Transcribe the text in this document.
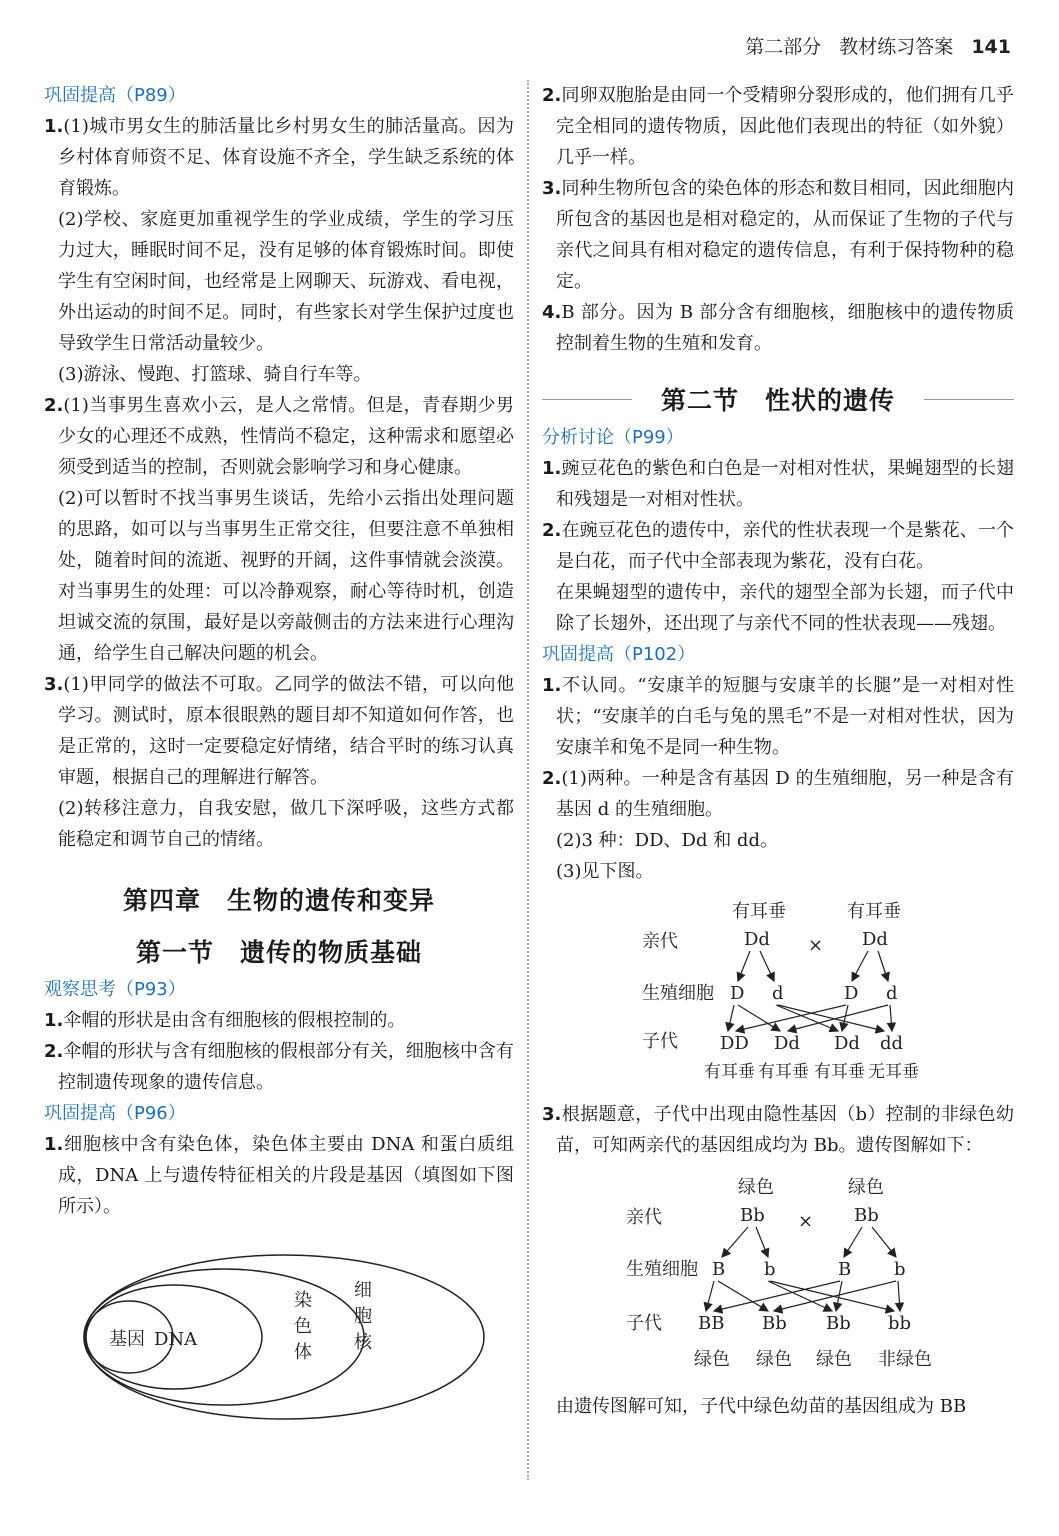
第二部分 教材练习答案 141
巩固提高（P89）

1.(1)城市男女生的肺活量比乡村男女生的肺活量高。因为乡村体育师资不足、体育设施不齐全，学生缺乏系统的体育锻炼。

(2)学校、家庭更加重视学生的学业成绩，学生的学习压力过大，睡眠时间不足，没有足够的体育锻炼时间。即使学生有空闲时间，也经常是上网聊天、玩游戏、看电视，外出运动的时间不足。同时，有些家长对学生保护过度也导致学生日常活动量较少。

(3)游泳、慢跑、打篮球、骑自行车等。

2.(1)当事男生喜欢小云，是人之常情。但是，青春期少男少女的心理还不成熟，性情尚不稳定，这种需求和愿望必须受到适当的控制，否则就会影响学习和身心健康。

(2)可以暂时不找当事男生谈话，先给小云指出处理问题的思路，如可以与当事男生正常交往，但要注意不单独相处，随着时间的流逝、视野的开阔，这件事情就会淡漠。对当事男生的处理：可以冷静观察，耐心等待时机，创造坦诚交流的氛围，最好是以旁敲侧击的方法来进行心理沟通，给学生自己解决问题的机会。

3.(1)甲同学的做法不可取。乙同学的做法不错，可以向他学习。测试时，原本很眼熟的题目却不知道如何作答，也是正常的，这时一定要稳定好情绪，结合平时的练习认真审题，根据自己的理解进行解答。

(2)转移注意力，自我安慰，做几下深呼吸，这些方式都能稳定和调节自己的情绪。

第四章　生物的遗传和变异
第一节　遗传的物质基础
观察思考（P93）

1.伞帽的形状是由含有细胞核的假根控制的。

2.伞帽的形状与含有细胞核的假根部分有关，细胞核中含有控制遗传现象的遗传信息。

巩固提高（P96）

1.细胞核中含有染色体，染色体主要由 DNA 和蛋白质组成，DNA 上与遗传特征相关的片段是基因（填图如下图所示）。

基因 DNA
染
色
体
细
胞
核

2.同卵双胞胎是由同一个受精卵分裂形成的，他们拥有几乎完全相同的遗传物质，因此他们表现出的特征（如外貌）几乎一样。

3.同种生物所包含的染色体的形态和数目相同，因此细胞内所包含的基因也是相对稳定的，从而保证了生物的子代与亲代之间具有相对稳定的遗传信息，有利于保持物种的稳定。

4.B 部分。因为 B 部分含有细胞核，细胞核中的遗传物质控制着生物的生殖和发育。

第二节　性状的遗传
分析讨论（P99）

1.豌豆花色的紫色和白色是一对相对性状，果蝇翅型的长翅和残翅是一对相对性状。

2.在豌豆花色的遗传中，亲代的性状表现一个是紫花、一个是白花，而子代中全部表现为紫花，没有白花。

在果蝇翅型的遗传中，亲代的翅型全部为长翅，而子代中除了长翅外，还出现了与亲代不同的性状表现——残翅。

巩固提高（P102）

1.不认同。“安康羊的短腿与安康羊的长腿”是一对相对性状；“安康羊的白毛与兔的黑毛”不是一对相对性状，因为安康羊和兔不是同一种生物。

2.(1)两种。一种是含有基因 D 的生殖细胞，另一种是含有基因 d 的生殖细胞。

(2)3 种：DD、Dd 和 dd。

(3)见下图。

有耳垂	有耳垂
亲代	Dd × Dd
生殖细胞 D d	D d
子代 DD Dd Dd dd
有耳垂 有耳垂 有耳垂 无耳垂

3.根据题意，子代中出现由隐性基因（b）控制的非绿色幼苗，可知两亲代的基因组成均为 Bb。遗传图解如下：

绿色	绿色
亲代	Bb × Bb
生殖细胞 B b	B b
子代 BB Bb Bb bb
绿色 绿色 绿色 非绿色

由遗传图解可知，子代中绿色幼苗的基因组成为 BB
